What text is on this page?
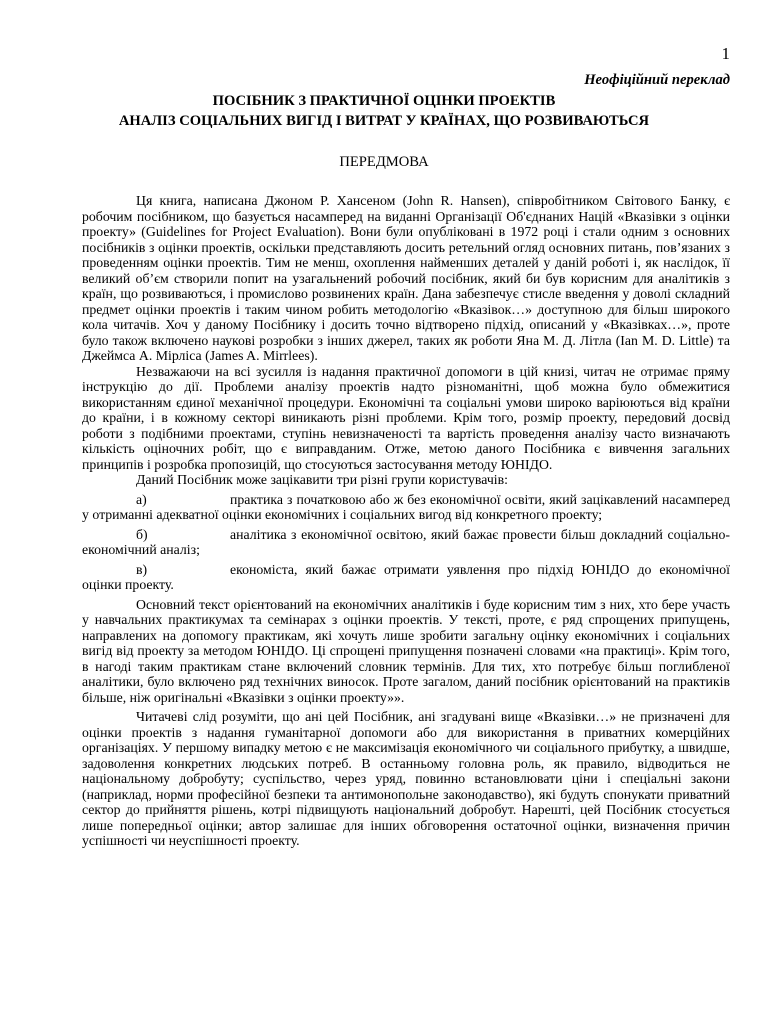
1
Неофіційний переклад
ПОСІБНИК З ПРАКТИЧНОЇ ОЦІНКИ ПРОЕКТІВ
АНАЛІЗ СОЦІАЛЬНИХ ВИГІД І ВИТРАТ У КРАЇНАХ, ЩО РОЗВИВАЮТЬСЯ
ПЕРЕДМОВА

Ця книга, написана Джоном Р. Хансеном (John R. Hansen), співробітником Світового Банку, є робочим посібником, що базується насамперед на виданні Організації Об'єднаних Націй «Вказівки з оцінки проекту» (Guidelines for Project Evaluation). Вони були опубліковані в 1972 році і стали одним з основних посібників з оцінки проектів, оскільки представляють досить ретельний огляд основних питань, пов’язаних з проведенням оцінки проектів. Тим не менш, охоплення найменших деталей у даній роботі і, як наслідок, її великий об’єм створили попит на узагальнений робочий посібник, який би був корисним для аналітиків з країн, що розвиваються, і промислово розвинених країн. Дана забезпечує стисле введення у доволі складний предмет оцінки проектів і таким чином робить методологію «Вказівок…» доступною для більш широкого кола читачів. Хоч у даному Посібнику і досить точно відтворено підхід, описаний у «Вказівках…», проте було також включено наукові розробки з інших джерел, таких як роботи Яна М. Д. Літла (Ian M. D. Little) та Джеймса А. Мірліса (James A. Mirrlees).

Незважаючи на всі зусилля із надання практичної допомоги в цій книзі, читач не отримає пряму інструкцію до дії. Проблеми аналізу проектів надто різноманітні, щоб можна було обмежитися використанням єдиної механічної процедури. Економічні та соціальні умови широко варіюються від країни до країни, і в кожному секторі виникають різні проблеми. Крім того, розмір проекту, передовий досвід роботи з подібними проектами, ступінь невизначеності та вартість проведення аналізу часто визначають кількість оціночних робіт, що є виправданим. Отже, метою даного Посібника є вивчення загальних принципів і розробка пропозицій, що стосуються застосування методу ЮНІДО.

Даний Посібник може зацікавити три різні групи користувачів:

а)	практика з початковою або ж без економічної освіти, який зацікавлений насамперед у отриманні адекватної оцінки економічних і соціальних вигод від конкретного проекту;

б)	аналітика з економічної освітою, який бажає провести більш докладний соціально-економічний аналіз;

в)	економіста, який бажає отримати уявлення про підхід ЮНІДО до економічної оцінки проекту.

Основний текст орієнтований на економічних аналітиків і буде корисним тим з них, хто бере участь у навчальних практикумах та семінарах з оцінки проектів. У тексті, проте, є ряд спрощених припущень, направлених на допомогу практикам, які хочуть лише зробити загальну оцінку економічних і соціальних вигід від проекту за методом ЮНІДО. Ці спрощені припущення позначені словами «на практиці». Крім того, в нагоді таким практикам стане включений словник термінів. Для тих, хто потребує більш поглибленої аналітики, було включено ряд технічних виносок. Проте загалом, даний посібник орієнтований на практиків більше, ніж оригінальні «Вказівки з оцінки проекту»».

Читачеві слід розуміти, що ані цей Посібник, ані згадувані вище «Вказівки…» не призначені для оцінки проектів з надання гуманітарної допомоги або для використання в приватних комерційних організаціях. У першому випадку метою є не максимізація економічного чи соціального прибутку, а швидше, задоволення конкретних людських потреб. В останньому головна роль, як правило, відводиться не національному добробуту; суспільство, через уряд, повинно встановлювати ціни і спеціальні закони (наприклад, норми професійної безпеки та антимонопольне законодавство), які будуть спонукати приватний сектор до прийняття рішень, котрі підвищують національний добробут. Нарешті, цей Посібник стосується лише попередньої оцінки; автор залишає для інших обговорення остаточної оцінки, визначення причин успішності чи неуспішності проекту.
